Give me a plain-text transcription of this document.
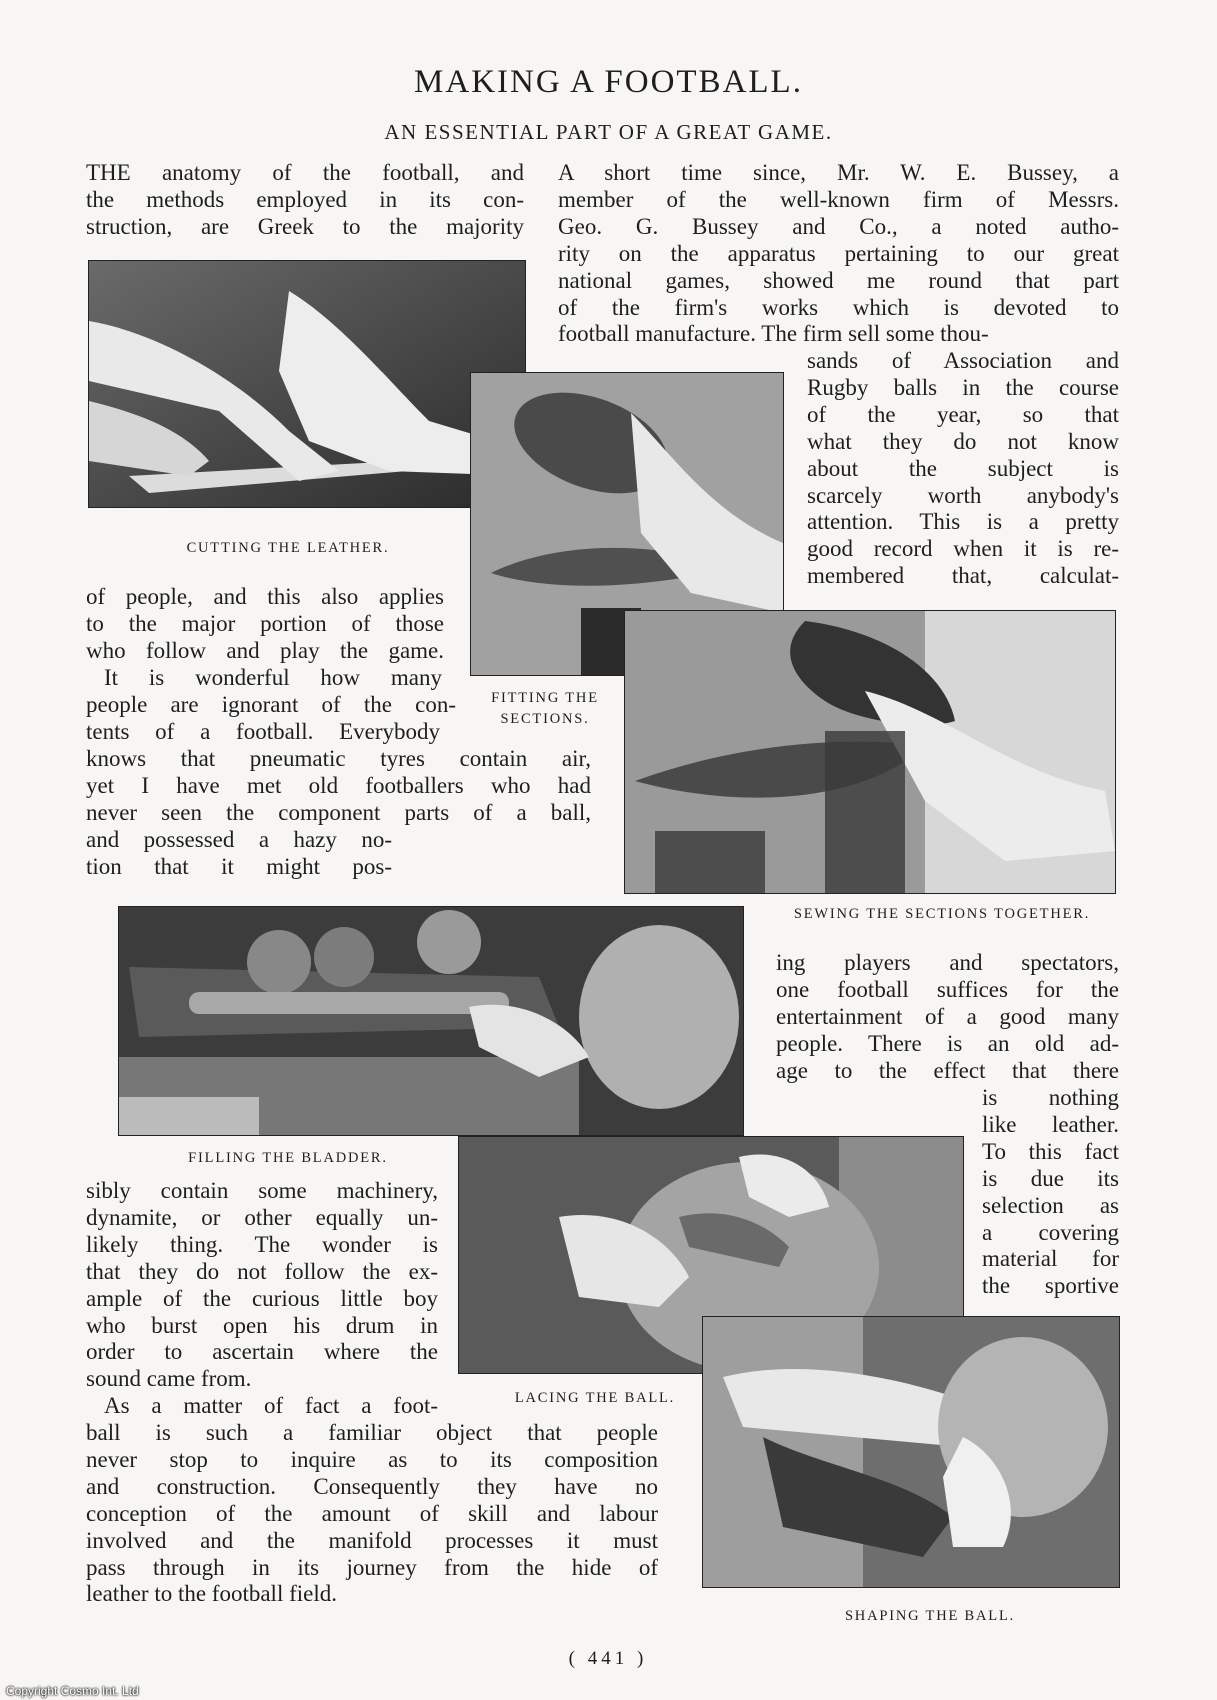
MAKING A FOOTBALL.
AN ESSENTIAL PART OF A GREAT GAME.
THE anatomy of the football, and
the methods employed in its con-
struction, are Greek to the majority
A short time since, Mr. W. E. Bussey, a
member of the well-known firm of Messrs.
Geo. G. Bussey and Co., a noted autho-
rity on the apparatus pertaining to our great
national games, showed me round that part
of the firm's works which is devoted to
football manufacture. The firm sell some thou-
sands of Association and
Rugby balls in the course
of the year, so that
what they do not know
about the subject is
scarcely worth anybody's
attention. This is a pretty
good record when it is re-
membered that, calculat-
CUTTING THE LEATHER.
FITTING THE
SECTIONS.
of people, and this also applies
to the major portion of those
who follow and play the game.
It is wonderful how many
people are ignorant of the con-
tents of a football. Everybody
knows that pneumatic tyres contain air,
yet I have met old footballers who had
never seen the component parts of a ball,
and possessed a hazy no-
tion that it might pos-
SEWING THE SECTIONS TOGETHER.
ing players and spectators,
one football suffices for the
entertainment of a good many
people. There is an old ad-
age to the effect that there
is nothing
like leather.
To this fact
is due its
selection as
a covering
material for
the sportive
FILLING THE BLADDER.
sibly contain some machinery,
dynamite, or other equally un-
likely thing. The wonder is
that they do not follow the ex-
ample of the curious little boy
who burst open his drum in
order to ascertain where the
sound came from.
As a matter of fact a foot-
ball is such a familiar object that people
never stop to inquire as to its composition
and construction. Consequently they have no
conception of the amount of skill and labour
involved and the manifold processes it must
pass through in its journey from the hide of
leather to the football field.
LACING THE BALL.
SHAPING THE BALL.
( 441 )
Copyright Cosmo Int. Ltd
